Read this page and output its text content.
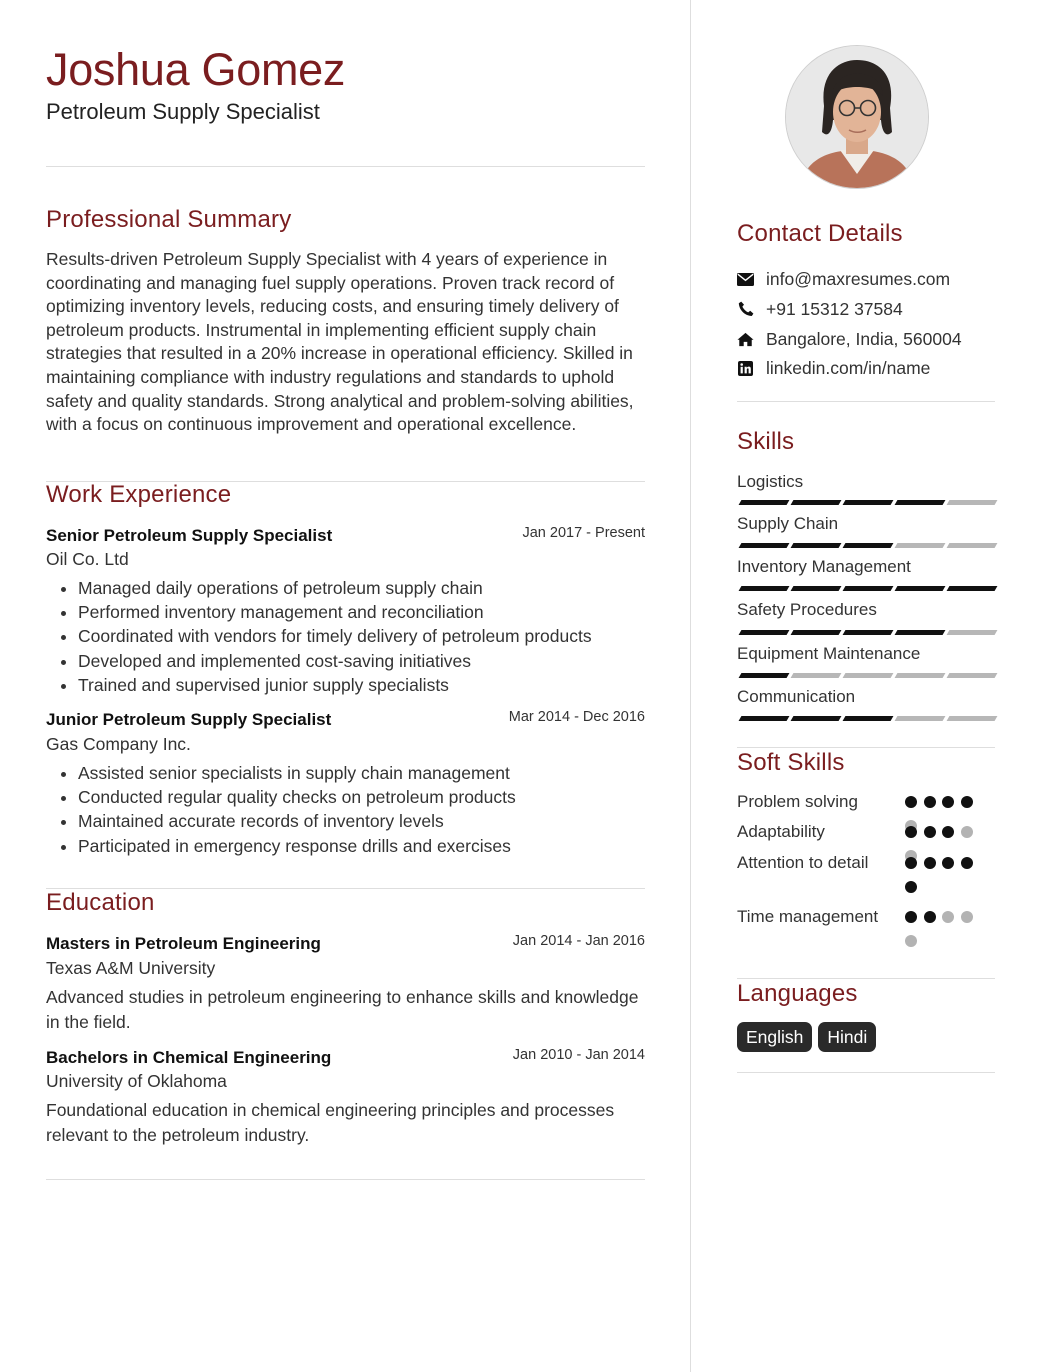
Joshua Gomez
Petroleum Supply Specialist
Professional Summary

Results-driven Petroleum Supply Specialist with 4 years of experience in coordinating and managing fuel supply operations. Proven track record of optimizing inventory levels, reducing costs, and ensuring timely delivery of petroleum products. Instrumental in implementing efficient supply chain strategies that resulted in a 20% increase in operational efficiency. Skilled in maintaining compliance with industry regulations and standards to uphold safety and quality standards. Strong analytical and problem-solving abilities, with a focus on continuous improvement and operational excellence.

Work Experience
Senior Petroleum Supply Specialist	Jan 2017 - Present
Oil Co. Ltd
• Managed daily operations of petroleum supply chain
• Performed inventory management and reconciliation
• Coordinated with vendors for timely delivery of petroleum products
• Developed and implemented cost-saving initiatives
• Trained and supervised junior supply specialists
Junior Petroleum Supply Specialist	Mar 2014 - Dec 2016
Gas Company Inc.
• Assisted senior specialists in supply chain management
• Conducted regular quality checks on petroleum products
• Maintained accurate records of inventory levels
• Participated in emergency response drills and exercises
Education
Masters in Petroleum Engineering	Jan 2014 - Jan 2016
Texas A&M University

Advanced studies in petroleum engineering to enhance skills and knowledge in the field.

Bachelors in Chemical Engineering	Jan 2010 - Jan 2014
University of Oklahoma

Foundational education in chemical engineering principles and processes relevant to the petroleum industry.

Contact Details
info@maxresumes.com
+91 15312 37584
Bangalore, India, 560004
linkedin.com/in/name
Skills
Logistics
Supply Chain
Inventory Management
Safety Procedures
Equipment Maintenance
Communication
Soft Skills
Problem solving
Adaptability
Attention to detail
Time management
Languages
English	Hindi
